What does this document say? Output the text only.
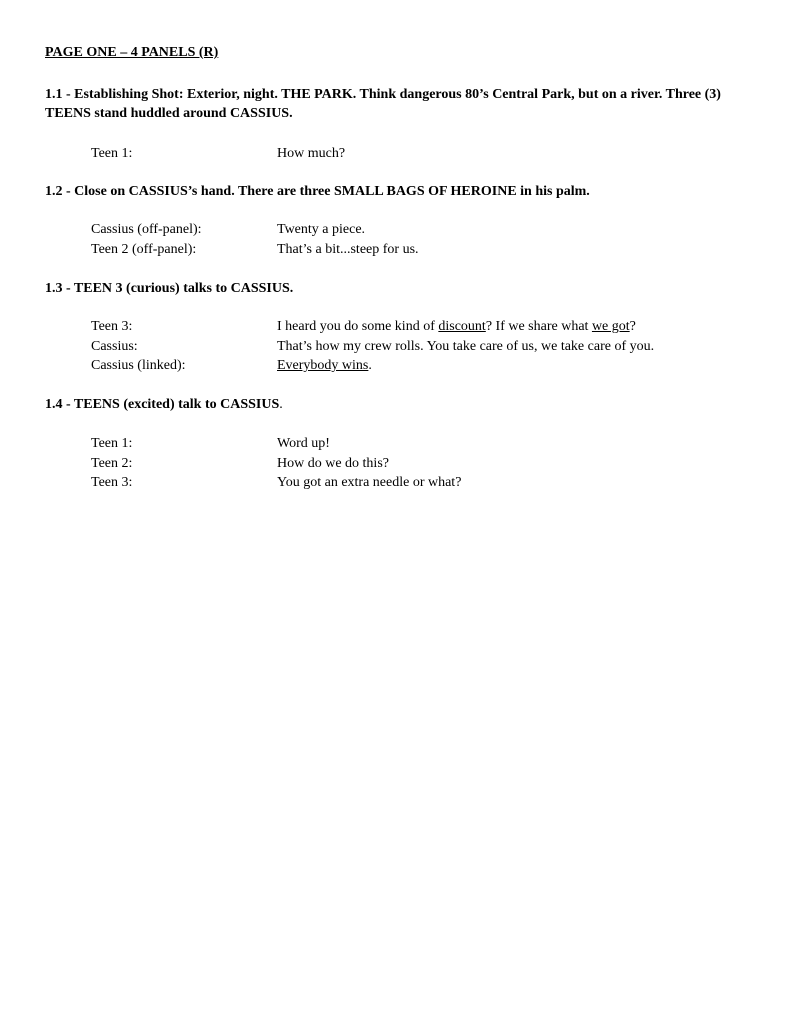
PAGE ONE – 4 PANELS (R)
1.1 - Establishing Shot: Exterior, night. THE PARK. Think dangerous 80’s Central Park, but on a river. Three (3) TEENS stand huddled around CASSIUS.
Teen 1:	How much?
1.2 - Close on CASSIUS’s hand. There are three SMALL BAGS OF HEROINE in his palm.
Cassius (off-panel):	Twenty a piece.
Teen 2 (off-panel):	That’s a bit...steep for us.
1.3 - TEEN 3 (curious) talks to CASSIUS.
Teen 3:	I heard you do some kind of discount? If we share what we got?
Cassius:	That’s how my crew rolls. You take care of us, we take care of you.
Cassius (linked):	Everybody wins.
1.4 - TEENS (excited) talk to CASSIUS.
Teen 1:	Word up!
Teen 2:	How do we do this?
Teen 3:	You got an extra needle or what?
